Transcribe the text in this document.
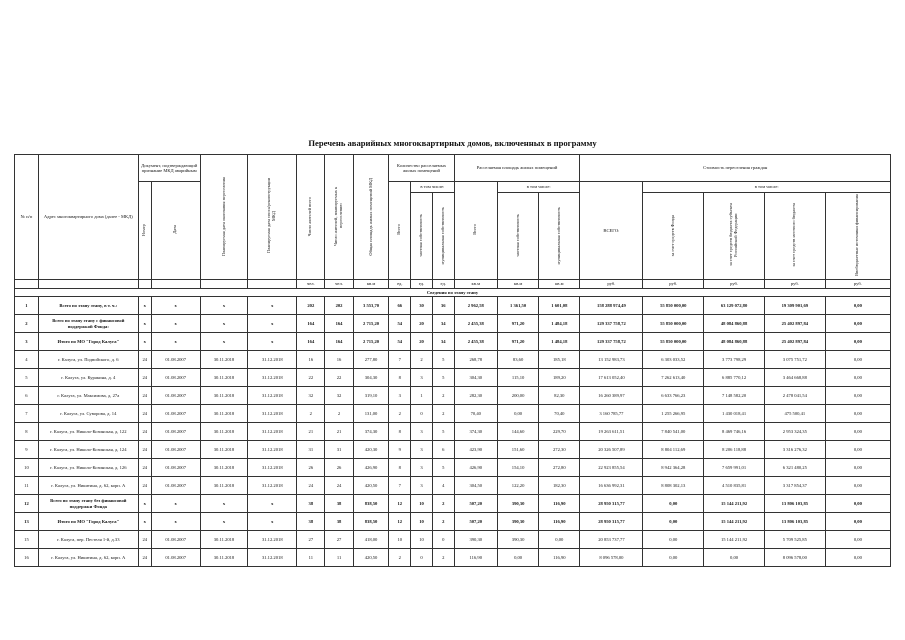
Перечень аварийных многоквартирных домов, включенных в программу
№ п/п	Адрес многоквартирного дома (далее - МКД)	Документ, подтверждающий признание МКД аварийным		Планируемая дата окончания переселения	Планируемая дата сноса/реконструкции МКД	Число жителей всего	Число жителей, планируемых к переселению	Общая площадь жилых помещений МКД	Количество расселяемых жилых помещений			Расселяемая площадь жилых помещений			Стоимость переселения граждан				
		Номер	Дата						Всего	в том числе:		Всего	в том числе:		ВСЕГО:	в том числе:			
										частная собственность	муниципальная собственность		частная собственность	муниципальная собственность		за счет средств Фонда	за счет средств бюджета субъекта Российской Федерации	за счет средств местного бюджета	Внебюджетные источники финансирования
						чел.	чел.	кв.м	ед.	ед.	ед.	кв.м	кв.м	кв.м	руб.	руб.	руб.	руб.	руб.
Сведения по этапу этапу																			
1	Всего по этапу этапу, в т. ч.:	x	x	x	x	202	202	3 553,70	66	30	36	2 962,58	1 361,50	1 601,08	158 288 974,49	55 850 000,00	63 129 072,80	19 309 901,69	0,00
2	Всего по этапу этапу с финансовой поддержкой Фонда:	x	x	x	x	164	164	2 715,20	54	20	34	2 455,38	971,20	1 484,18	129 337 758,72	55 850 000,00	48 084 860,88	25 402 897,84	0,00
3	Итого по МО "Город Калуга"	x	x	x	x	164	164	2 715,20	54	20	34	2 455,38	971,20	1 484,18	129 337 758,72	55 850 000,00	48 084 860,88	25 402 897,84	0,00
4	г. Калуга, ул. Подвойского, д. 6	24	01.08.2007	30.11.2018	31.12.2018	16	16	277,80	7	2	5	268,78	83,60	185,18	13 152 983,73	6 303 033,52	3 773 798,29	3 075 751,72	0,00
5	г. Калуга, ул. Куракина, д. 4	24	01.08.2007	30.11.2018	31.12.2018	22	22	304,30	8	3	5	304,30	115,10	189,20	17 613 052,40	7 262 613,40	6 885 770,12	3 464 668,88	0,00
6	г. Калуга, ул. Максимова, д. 27а	24	01.08.2007	30.11.2018	31.12.2018	32	32	319,10	3	1	2	282,30	200,00	82,30	16 260 389,97	6 633 766,23	7 148 582,20	2 478 041,54	0,00
7	г. Калуга, ул. Суворова, д. 14	24	01.08.2007	30.11.2018	31.12.2018	2	2	131,00	2	0	2	70,40	0,00	70,40	3 160 785,77	1 255 266,95	1 430 018,41	475 500,41	0,00
8	г. Калуга, ул. Николо-Козинская, д. 122	24	01.08.2007	30.11.2018	31.12.2018	21	21	374,30	8	3	5	374,30	144,60	229,70	19 263 611,51	7 840 541,00	8 469 746,16	2 953 324,35	0,00
9	г. Калуга, ул. Николо-Козинская, д. 124	24	01.08.2007	30.11.2018	31.12.2018	31	31	420,30	9	3	6	423,90	151,60	272,30	20 326 507,89	8 804 112,69	8 206 118,88	3 316 276,32	0,00
10	г. Калуга, ул. Николо-Козинская, д. 126	24	01.08.2007	30.11.2018	31.12.2018	26	26	426,90	8	3	5	426,90	154,10	272,80	22 923 855,54	8 942 364,28	7 659 991,01	6 321 480,25	0,00
11	г. Калуга, ул. Никитина, д. 62, корп. А	24	01.08.2007	30.11.2018	31.12.2018	24	24	420,50	7	3	4	304,50	122,20	182,30	16 636 992,31	8 808 302,13	4 510 835,81	3 317 854,37	0,00
12	Всего по этапу этапу без финансовой поддержки Фонда	x	x	x	x	38	38	838,50	12	10	2	507,20	390,30	116,90	28 950 315,77	0,00	15 144 211,92	13 806 103,85	0,00
13	Итого по МО "Город Калуга"	x	x	x	x	38	38	838,50	12	10	2	507,20	390,30	116,90	28 950 315,77	0,00	15 144 211,92	13 806 103,85	0,00
15	г. Калуга, пер. Пестеля 1-й, д.33	24	01.08.2007	30.11.2018	31.12.2018	27	27	418,00	10	10	0	390,30	390,30	0,00	20 853 737,77	0,00	15 144 211,92	5 709 525,85	0,00
16	г. Калуга, ул. Никитина, д. 62, корп. А	24	01.08.2007	30.11.2018	31.12.2018	11	11	420,50	2	0	2	116,90	0,00	116,90	8 096 578,00	0,00	0,00	8 096 578,00	0,00
